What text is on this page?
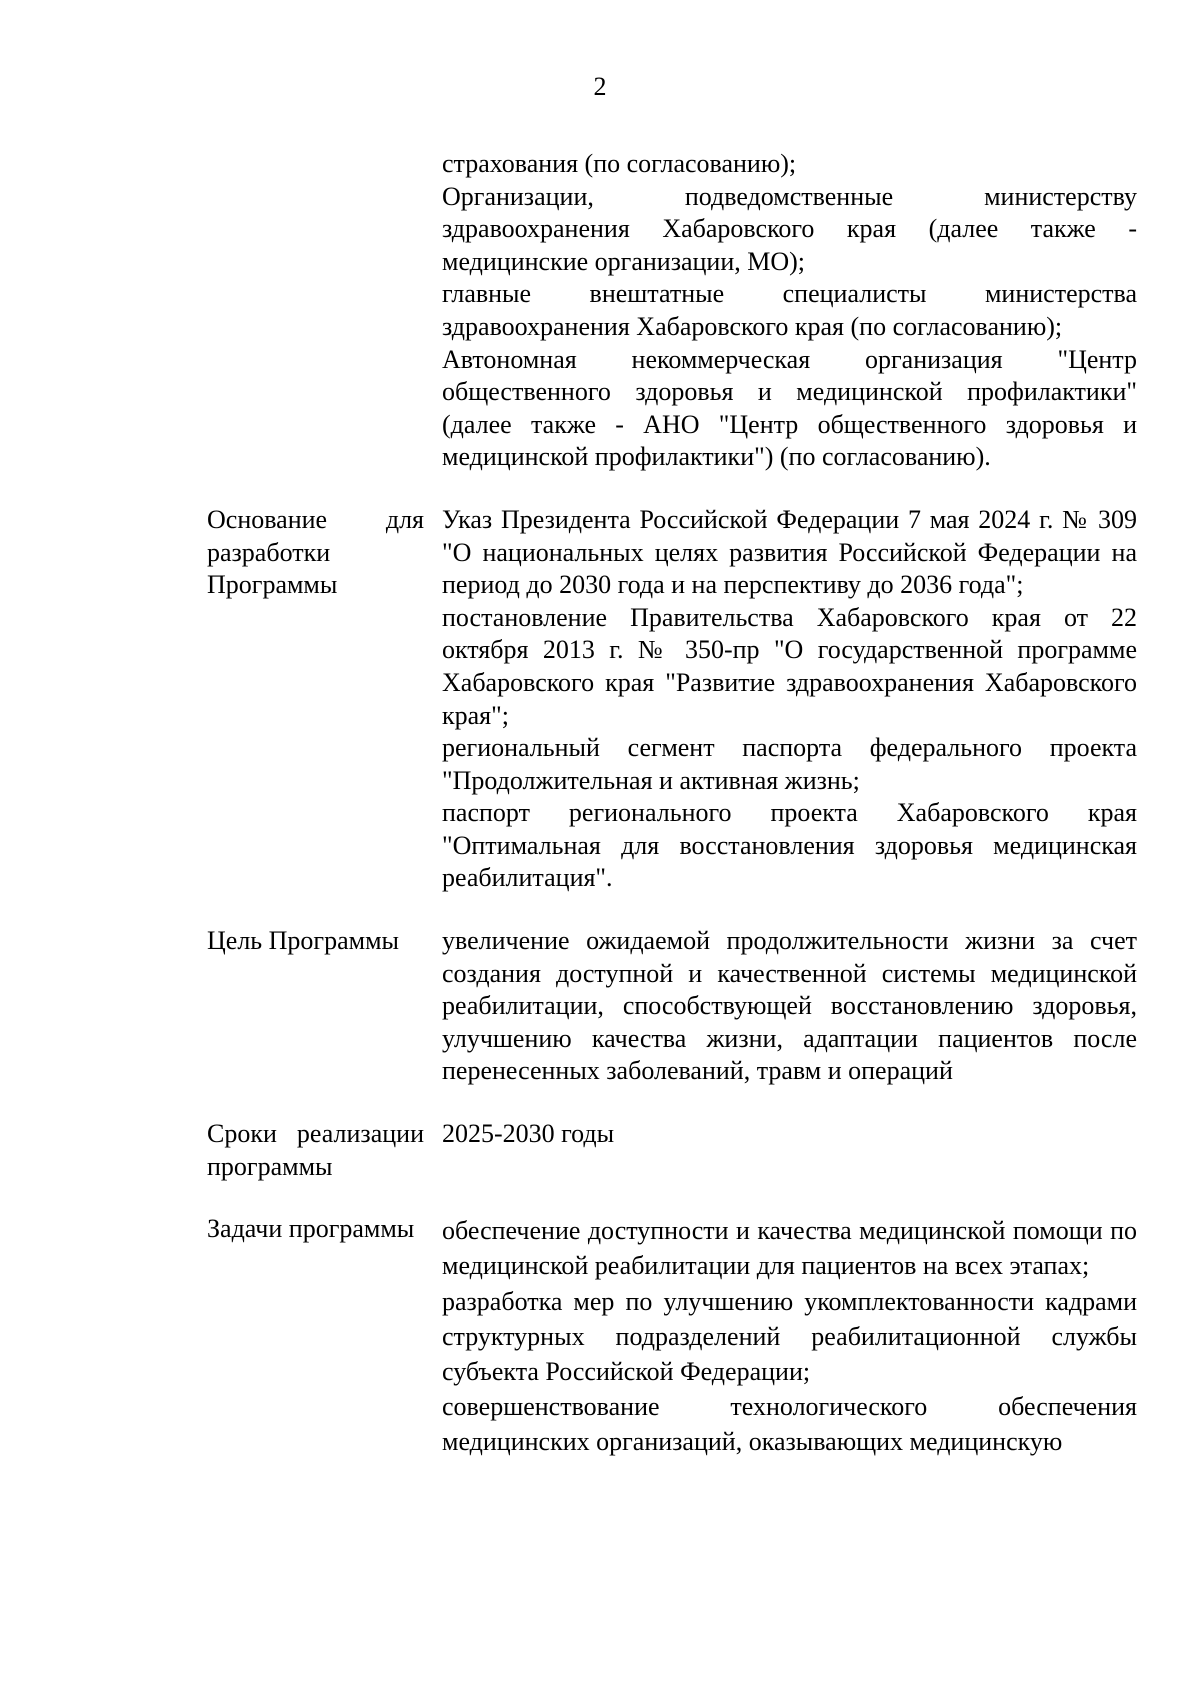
2

страхования (по согласованию);

Организации, подведомственные министерству здравоохранения Хабаровского края (далее также - медицинские организации, МО);

главные внештатные специалисты министерства здравоохранения Хабаровского края (по согласованию);

Автономная некоммерческая организация "Центр общественного здоровья и медицинской профилактики" (далее также - АНО "Центр общественного здоровья и медицинской профилактики") (по согласованию).

Основание для разработки Программы

Указ Президента Российской Федерации 7 мая 2024 г. № 309 "О национальных целях развития Российской Федерации на период до 2030 года и на перспективу до 2036 года";

постановление Правительства Хабаровского края от 22 октября 2013 г. № 350-пр "О государственной программе Хабаровского края "Развитие здравоохранения Хабаровского края";

региональный сегмент паспорта федерального проекта "Продолжительная и активная жизнь;

паспорт регионального проекта Хабаровского края "Оптимальная для восстановления здоровья медицинская реабилитация".

Цель Программы	увеличение ожидаемой продолжительности жизни за счет создания доступной и качественной системы медицинской реабилитации, способствующей восстановлению здоровья, улучшению качества жизни, адаптации пациентов после перенесенных заболеваний, травм и операций

Сроки реализации программы

2025-2030 годы

Задачи программы	обеспечение доступности и качества медицинской помощи по медицинской реабилитации для пациентов на всех этапах;

разработка мер по улучшению укомплектованности кадрами структурных подразделений реабилитационной службы субъекта Российской Федерации;

совершенствование технологического обеспечения медицинских организаций, оказывающих медицинскую
